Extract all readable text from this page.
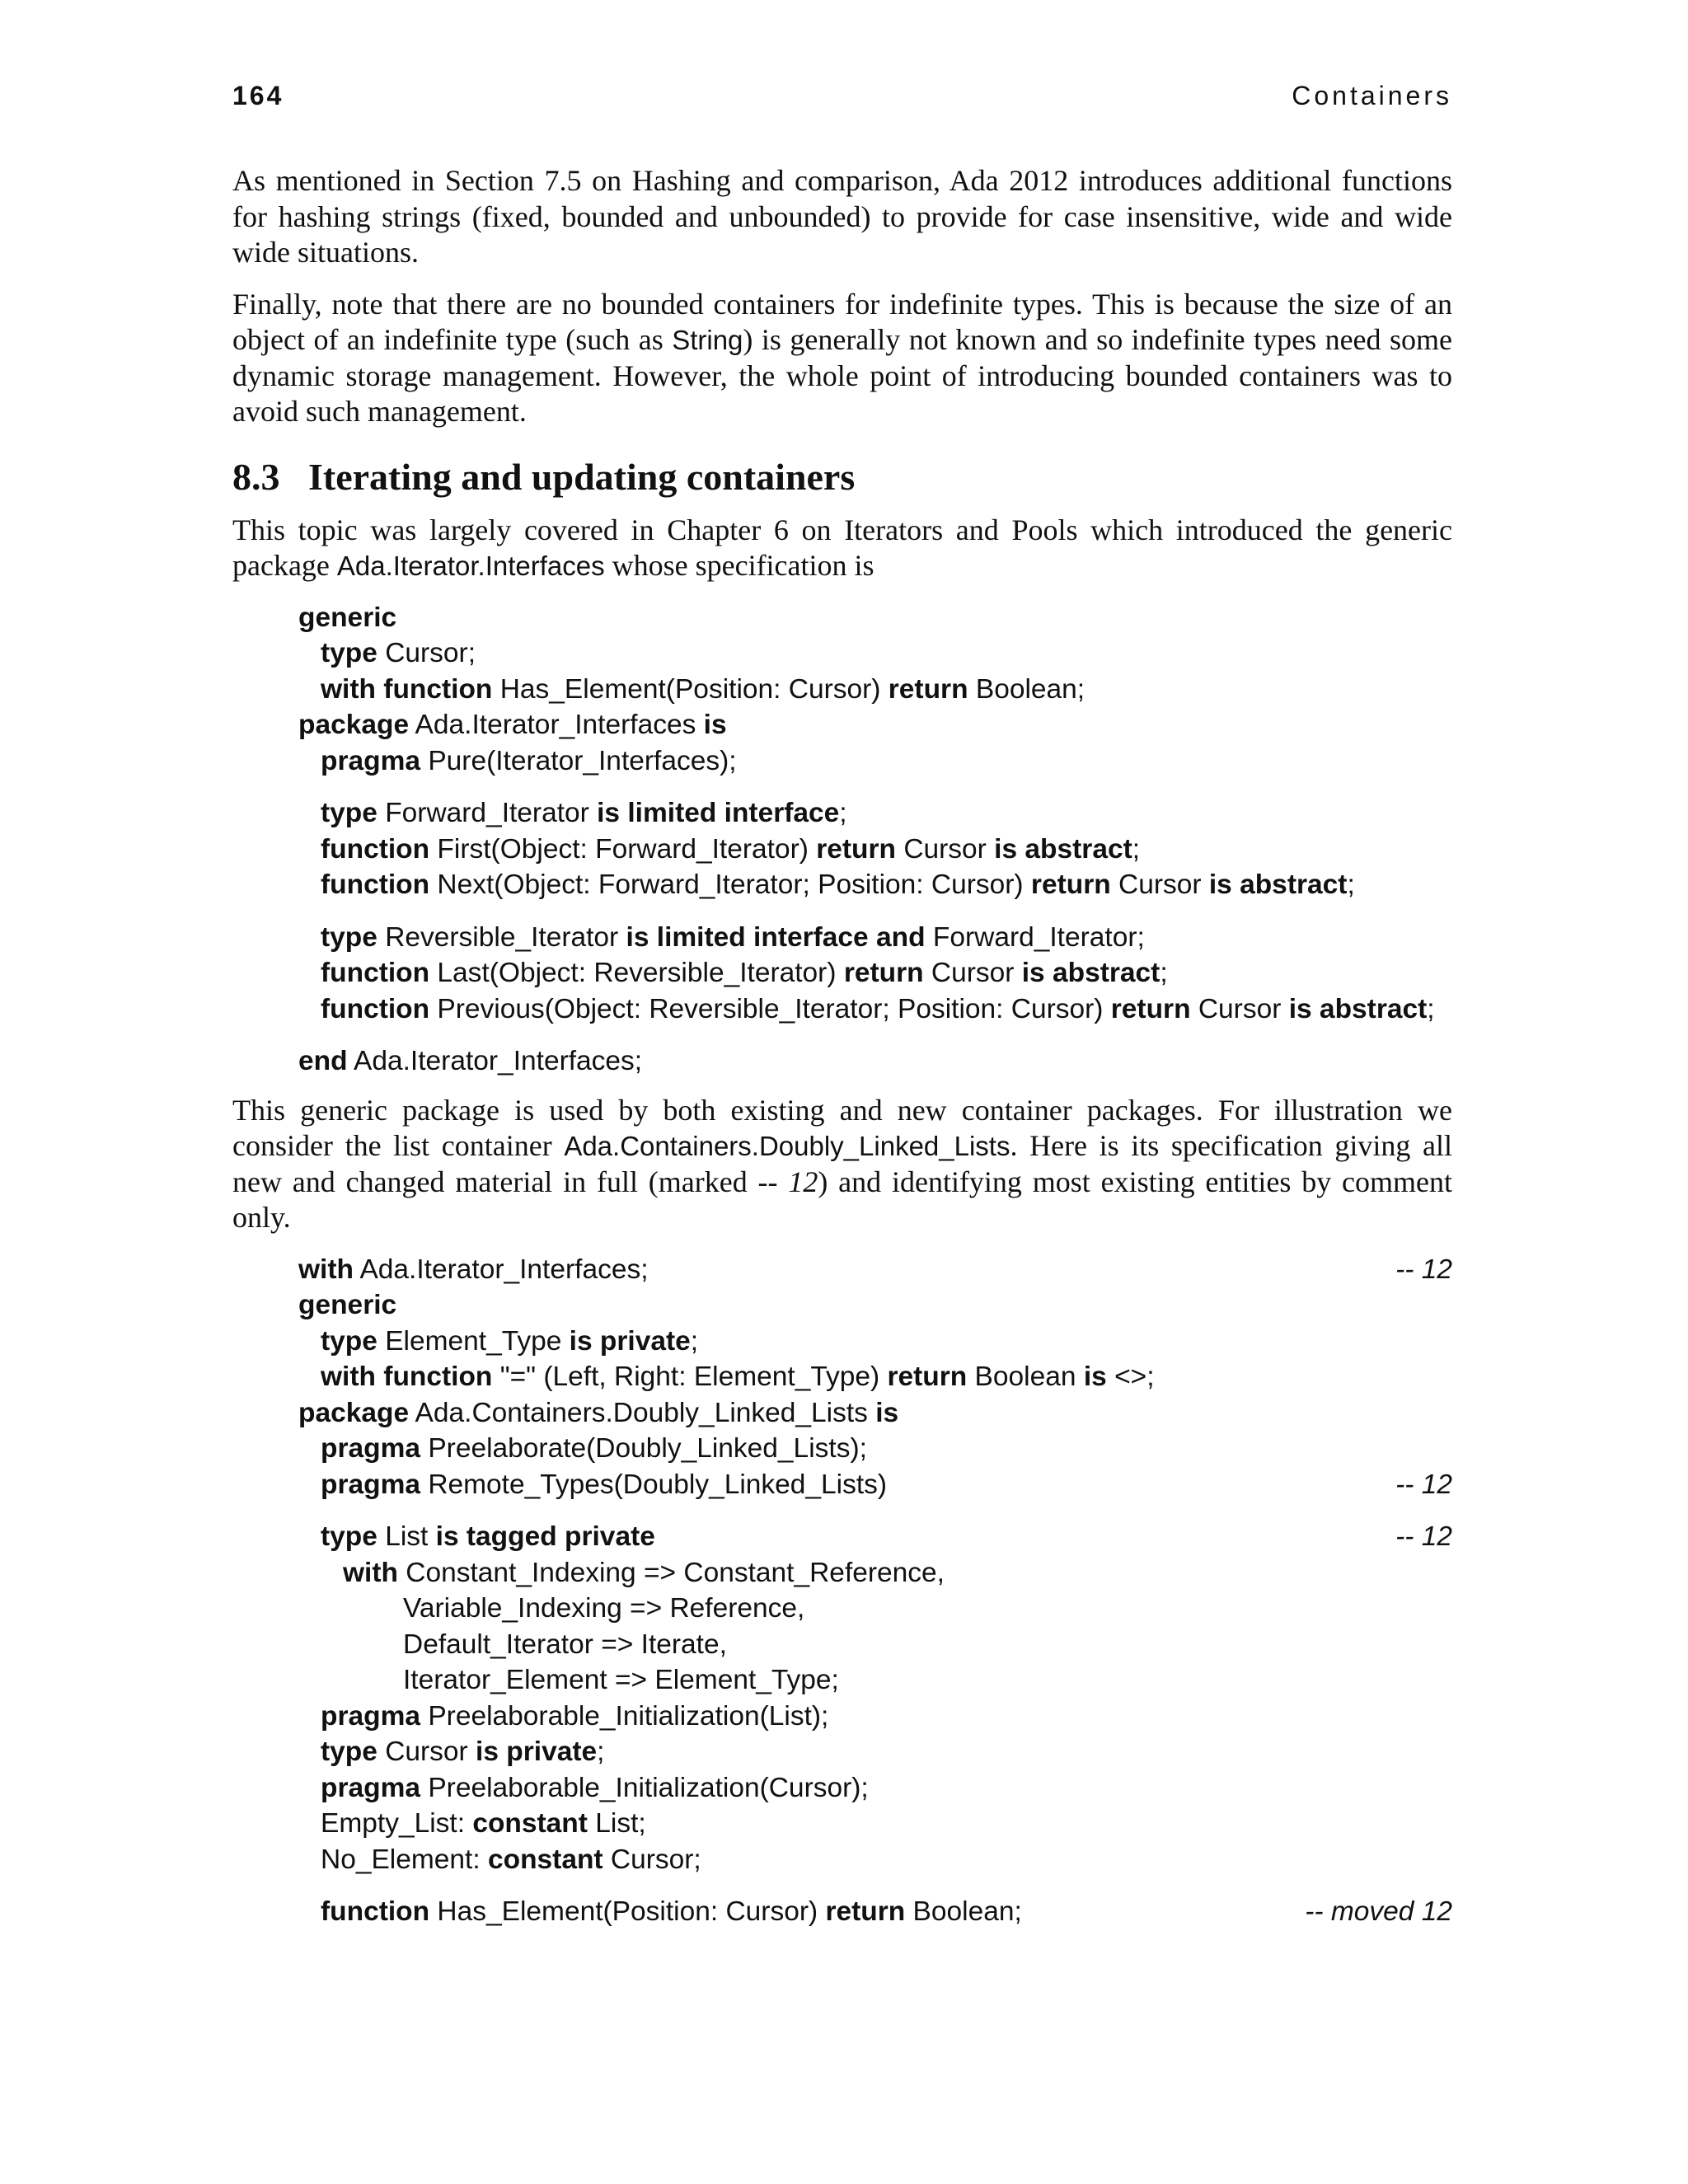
164	Containers

As mentioned in Section 7.5 on Hashing and comparison, Ada 2012 introduces additional functions for hashing strings (fixed, bounded and unbounded) to provide for case insensitive, wide and wide wide situations.

Finally, note that there are no bounded containers for indefinite types. This is because the size of an object of an indefinite type (such as String) is generally not known and so indefinite types need some dynamic storage management. However, the whole point of introducing bounded containers was to avoid such management.

8.3 Iterating and updating containers

This topic was largely covered in Chapter 6 on Iterators and Pools which introduced the generic package Ada.Iterator.Interfaces whose specification is

generic
type Cursor;
with function Has_Element(Position: Cursor) return Boolean;
package Ada.Iterator_Interfaces is
pragma Pure(Iterator_Interfaces);
type Forward_Iterator is limited interface;
function First(Object: Forward_Iterator) return Cursor is abstract;
function Next(Object: Forward_Iterator; Position: Cursor) return Cursor is abstract;
type Reversible_Iterator is limited interface and Forward_Iterator;
function Last(Object: Reversible_Iterator) return Cursor is abstract;
function Previous(Object: Reversible_Iterator; Position: Cursor) return Cursor is abstract;
end Ada.Iterator_Interfaces;

This generic package is used by both existing and new container packages. For illustration we consider the list container Ada.Containers.Doubly_Linked_Lists. Here is its specification giving all new and changed material in full (marked -- 12) and identifying most existing entities by comment only.

with Ada.Iterator_Interfaces;	-- 12
generic
type Element_Type is private;
with function "=" (Left, Right: Element_Type) return Boolean is <>;
package Ada.Containers.Doubly_Linked_Lists is
pragma Preelaborate(Doubly_Linked_Lists);
pragma Remote_Types(Doubly_Linked_Lists)	-- 12
type List is tagged private	-- 12
with Constant_Indexing => Constant_Reference,
Variable_Indexing => Reference,
Default_Iterator => Iterate,
Iterator_Element => Element_Type;
pragma Preelaborable_Initialization(List);
type Cursor is private;
pragma Preelaborable_Initialization(Cursor);
Empty_List: constant List;
No_Element: constant Cursor;
function Has_Element(Position: Cursor) return Boolean;	-- moved 12
